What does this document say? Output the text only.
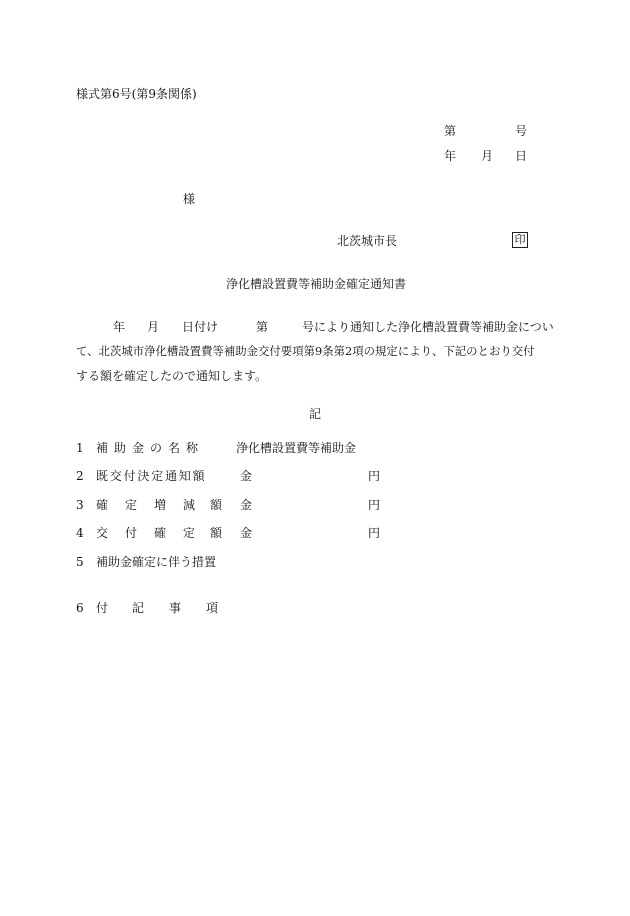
様式第6号(第9条関係)
第	号
年 月 日
様
北茨城市長	印
浄化槽設置費等補助金確定通知書
年 月 日付け	第	号により通知した浄化槽設置費等補助金につい
て、北茨城市浄化槽設置費等補助金交付要項第9条第2項の規定により、下記のとおり交付
する額を確定したので通知します。
記
1 補 助 金 の 名 称	浄化槽設置費等補助金
2 既交付決定通知額	金	円
3 確 定 増 減 額 金	円
4 交 付 確 定 額 金	円
5 補助金確定に伴う措置
6 付 記 事 項
